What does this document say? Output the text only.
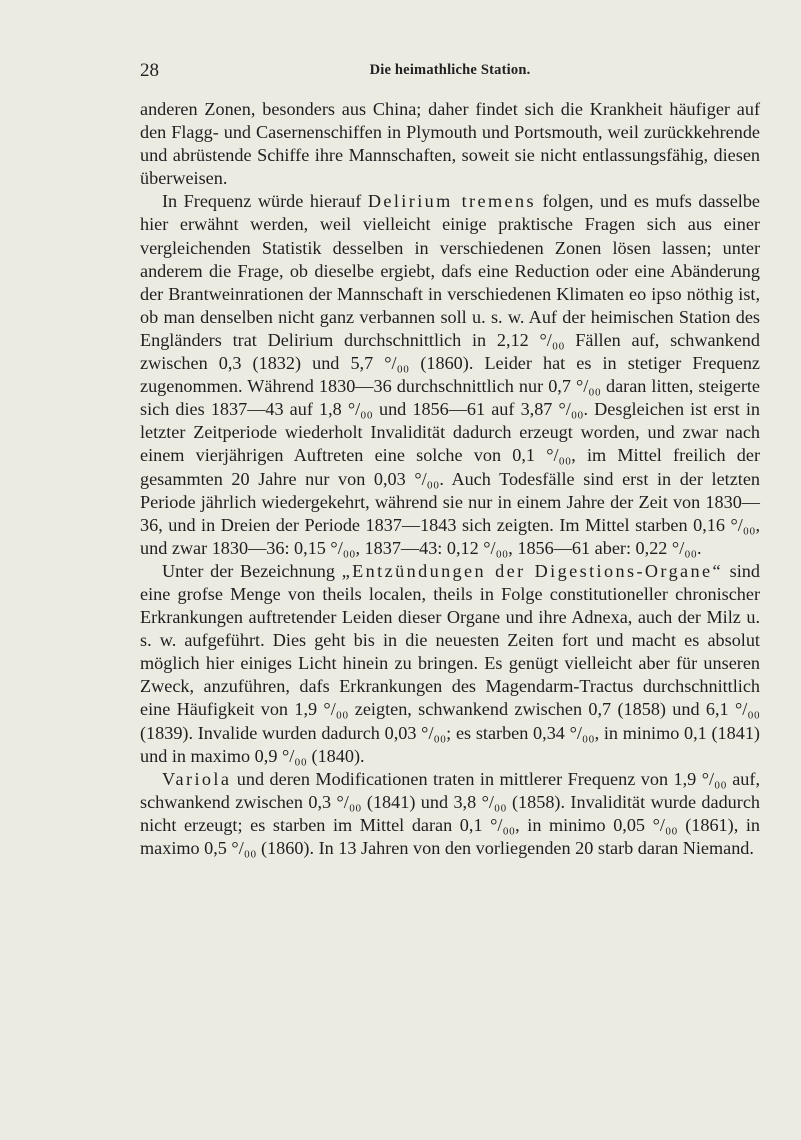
28	Die heimathliche Station.

anderen Zonen, besonders aus China; daher findet sich die Krankheit häufiger auf den Flagg- und Casernenschiffen in Plymouth und Portsmouth, weil zurückkehrende und abrüstende Schiffe ihre Mannschaften, soweit sie nicht entlassungsfähig, diesen überweisen.

In Frequenz würde hierauf Delirium tremens folgen, und es mufs dasselbe hier erwähnt werden, weil vielleicht einige praktische Fragen sich aus einer vergleichenden Statistik desselben in verschiedenen Zonen lösen lassen; unter anderem die Frage, ob dieselbe ergiebt, dafs eine Reduction oder eine Abänderung der Brantweinrationen der Mannschaft in verschiedenen Klimaten eo ipso nöthig ist, ob man denselben nicht ganz verbannen soll u. s. w. Auf der heimischen Station des Engländers trat Delirium durchschnittlich in 2,12 °/₀₀ Fällen auf, schwankend zwischen 0,3 (1832) und 5,7 °/₀₀ (1860). Leider hat es in stetiger Frequenz zugenommen. Während 1830—36 durchschnittlich nur 0,7 °/₀₀ daran litten, steigerte sich dies 1837—43 auf 1,8 °/₀₀ und 1856—61 auf 3,87 °/₀₀. Desgleichen ist erst in letzter Zeitperiode wiederholt Invalidität dadurch erzeugt worden, und zwar nach einem vierjährigen Auftreten eine solche von 0,1 °/₀₀, im Mittel freilich der gesammten 20 Jahre nur von 0,03 °/₀₀. Auch Todesfälle sind erst in der letzten Periode jährlich wiedergekehrt, während sie nur in einem Jahre der Zeit von 1830—36, und in Dreien der Periode 1837—1843 sich zeigten. Im Mittel starben 0,16 °/₀₀, und zwar 1830—36: 0,15 °/₀₀, 1837—43: 0,12 °/₀₀, 1856—61 aber: 0,22 °/₀₀.

Unter der Bezeichnung „Entzündungen der Digestions-Organe“ sind eine grofse Menge von theils localen, theils in Folge constitutioneller chronischer Erkrankungen auftretender Leiden dieser Organe und ihre Adnexa, auch der Milz u. s. w. aufgeführt. Dies geht bis in die neuesten Zeiten fort und macht es absolut möglich hier einiges Licht hinein zu bringen. Es genügt vielleicht aber für unseren Zweck, anzuführen, dafs Erkrankungen des Magendarm-Tractus durchschnittlich eine Häufigkeit von 1,9 °/₀₀ zeigten, schwankend zwischen 0,7 (1858) und 6,1 °/₀₀ (1839). Invalide wurden dadurch 0,03 °/₀₀; es starben 0,34 °/₀₀, in minimo 0,1 (1841) und in maximo 0,9 °/₀₀ (1840).

Variola und deren Modificationen traten in mittlerer Frequenz von 1,9 °/₀₀ auf, schwankend zwischen 0,3 °/₀₀ (1841) und 3,8 °/₀₀ (1858). Invalidität wurde dadurch nicht erzeugt; es starben im Mittel daran 0,1 °/₀₀, in minimo 0,05 °/₀₀ (1861), in maximo 0,5 °/₀₀ (1860). In 13 Jahren von den vorliegenden 20 starb daran Niemand.
